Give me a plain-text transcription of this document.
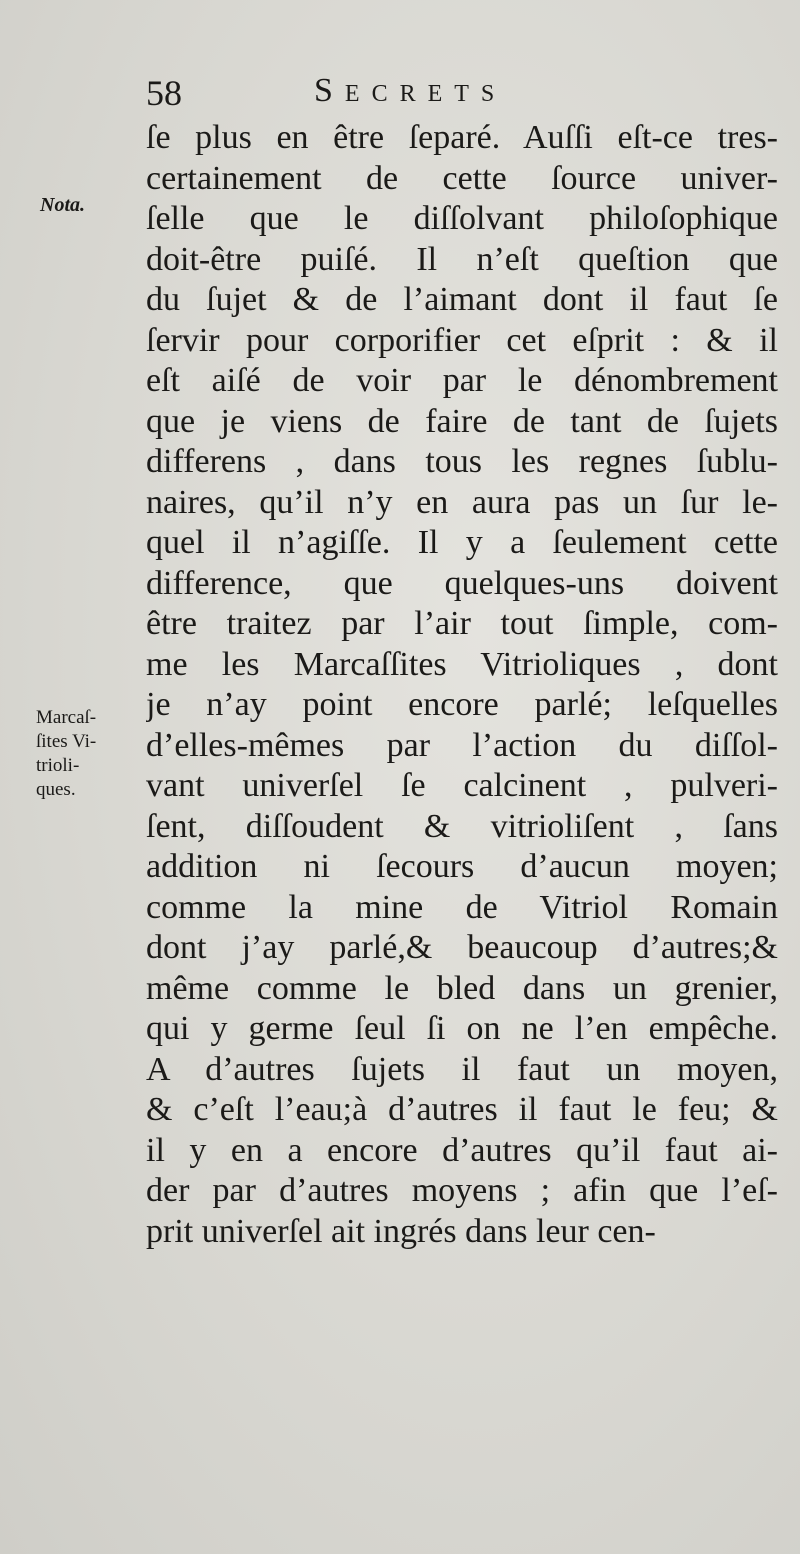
58	Secrets
Nota.
Marcaſ-
ſites Vi-
trioli-
ques.
ſe plus en être ſeparé. Auſſi eſt-ce tres-
certainement de cette ſource univer-
ſelle que le diſſolvant philoſophique
doit-être puiſé. Il n’eſt queſtion que
du ſujet & de l’aimant dont il faut ſe
ſervir pour corporifier cet eſprit : & il
eſt aiſé de voir par le dénombrement
que je viens de faire de tant de ſujets
differens , dans tous les regnes ſublu-
naires, qu’il n’y en aura pas un ſur le-
quel il n’agiſſe. Il y a ſeulement cette
difference, que quelques-uns doivent
être traitez par l’air tout ſimple, com-
me les Marcaſſites Vitrioliques , dont
je n’ay point encore parlé; leſquelles
d’elles-mêmes par l’action du diſſol-
vant univerſel ſe calcinent , pulveri-
ſent, diſſoudent & vitrioliſent , ſans
addition ni ſecours d’aucun moyen;
comme la mine de Vitriol Romain
dont j’ay parlé,& beaucoup d’autres;&
même comme le bled dans un grenier,
qui y germe ſeul ſi on ne l’en empêche.
A d’autres ſujets il faut un moyen,
& c’eſt l’eau;à d’autres il faut le feu; &
il y en a encore d’autres qu’il faut ai-
der par d’autres moyens ; afin que l’eſ-
prit univerſel ait ingrés dans leur cen-
